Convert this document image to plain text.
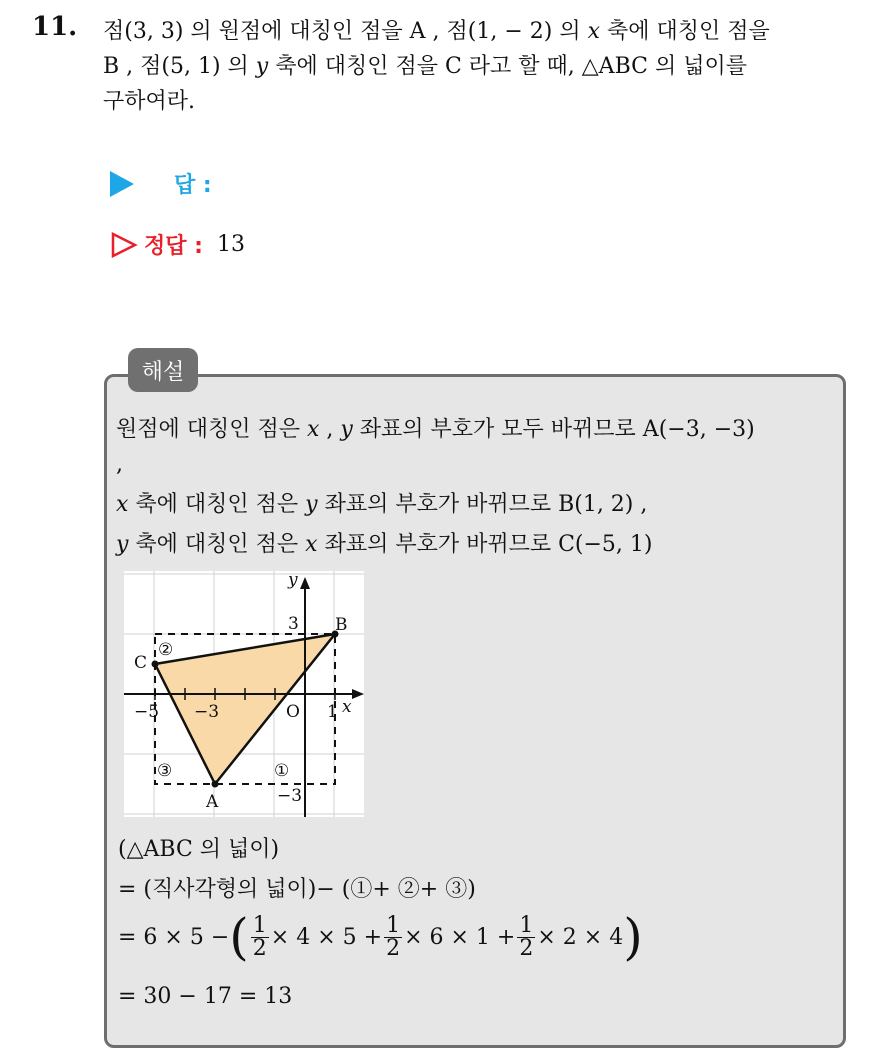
11. 점(3, 3) 의 원점에 대칭인 점을 A , 점(1, − 2) 의 𝑥 축에 대칭인 점을
B , 점(5, 1) 의 𝑦 축에 대칭인 점을 C 라고 할 때, △ABC 의 넓이를
구하여라.
답 :
정답 : 13
해설
원점에 대칭인 점은 𝑥 , 𝑦 좌표의 부호가 모두 바뀌므로 A(−3, −3)
,
𝑥 축에 대칭인 점은 𝑦 좌표의 부호가 바뀌므로 B(1, 2) ,
𝑦 축에 대칭인 점은 𝑥 좌표의 부호가 바뀌므로 C(−5, 1)
y
x
O
B
C
A
−5 −3	1
3
−3
①
②
③
(△ABC 의 넓이)
= (직사각형의 넓이)− (①+ ②+ ③)
= 6 × 5 − ( $\frac{1}{2} \times 4 \times 5 + \frac{1}{2} \times 6 \times 1 + \frac{1}{2} \times 2 \times 4$ )
= 30 − 17 = 13
